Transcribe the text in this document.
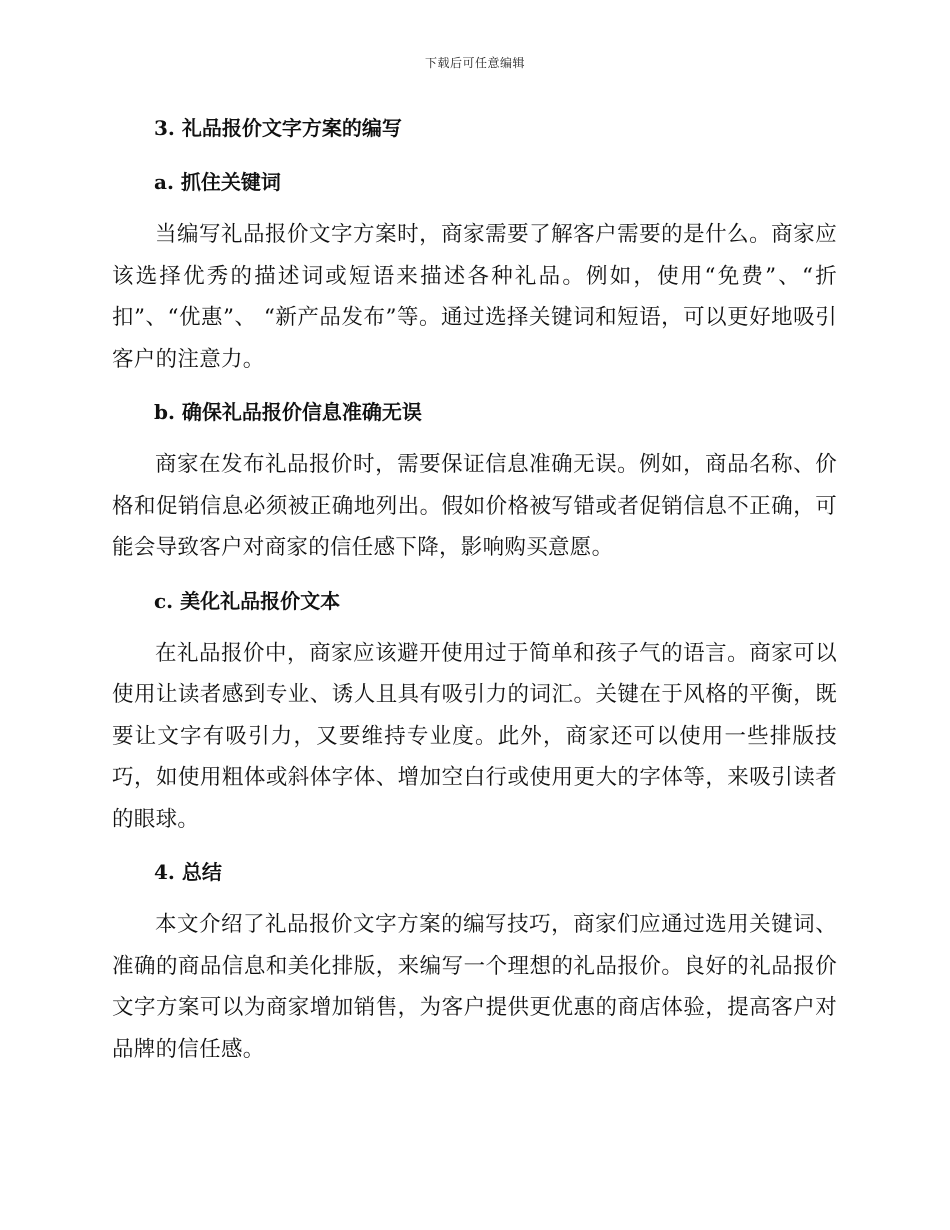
下载后可任意编辑
3. 礼品报价文字方案的编写
a. 抓住关键词

当编写礼品报价文字方案时，商家需要了解客户需要的是什么。商家应该选择优秀的描述词或短语来描述各种礼品。例如，使用“免费”、“折扣”、“优惠”、 “新产品发布”等。通过选择关键词和短语，可以更好地吸引客户的注意力。

b. 确保礼品报价信息准确无误

商家在发布礼品报价时，需要保证信息准确无误。例如，商品名称、价格和促销信息必须被正确地列出。假如价格被写错或者促销信息不正确，可能会导致客户对商家的信任感下降，影响购买意愿。

c. 美化礼品报价文本

在礼品报价中，商家应该避开使用过于简单和孩子气的语言。商家可以使用让读者感到专业、诱人且具有吸引力的词汇。关键在于风格的平衡，既要让文字有吸引力，又要维持专业度。此外，商家还可以使用一些排版技巧，如使用粗体或斜体字体、增加空白行或使用更大的字体等，来吸引读者的眼球。

4. 总结

本文介绍了礼品报价文字方案的编写技巧，商家们应通过选用关键词、准确的商品信息和美化排版，来编写一个理想的礼品报价。良好的礼品报价文字方案可以为商家增加销售，为客户提供更优惠的商店体验，提高客户对品牌的信任感。
